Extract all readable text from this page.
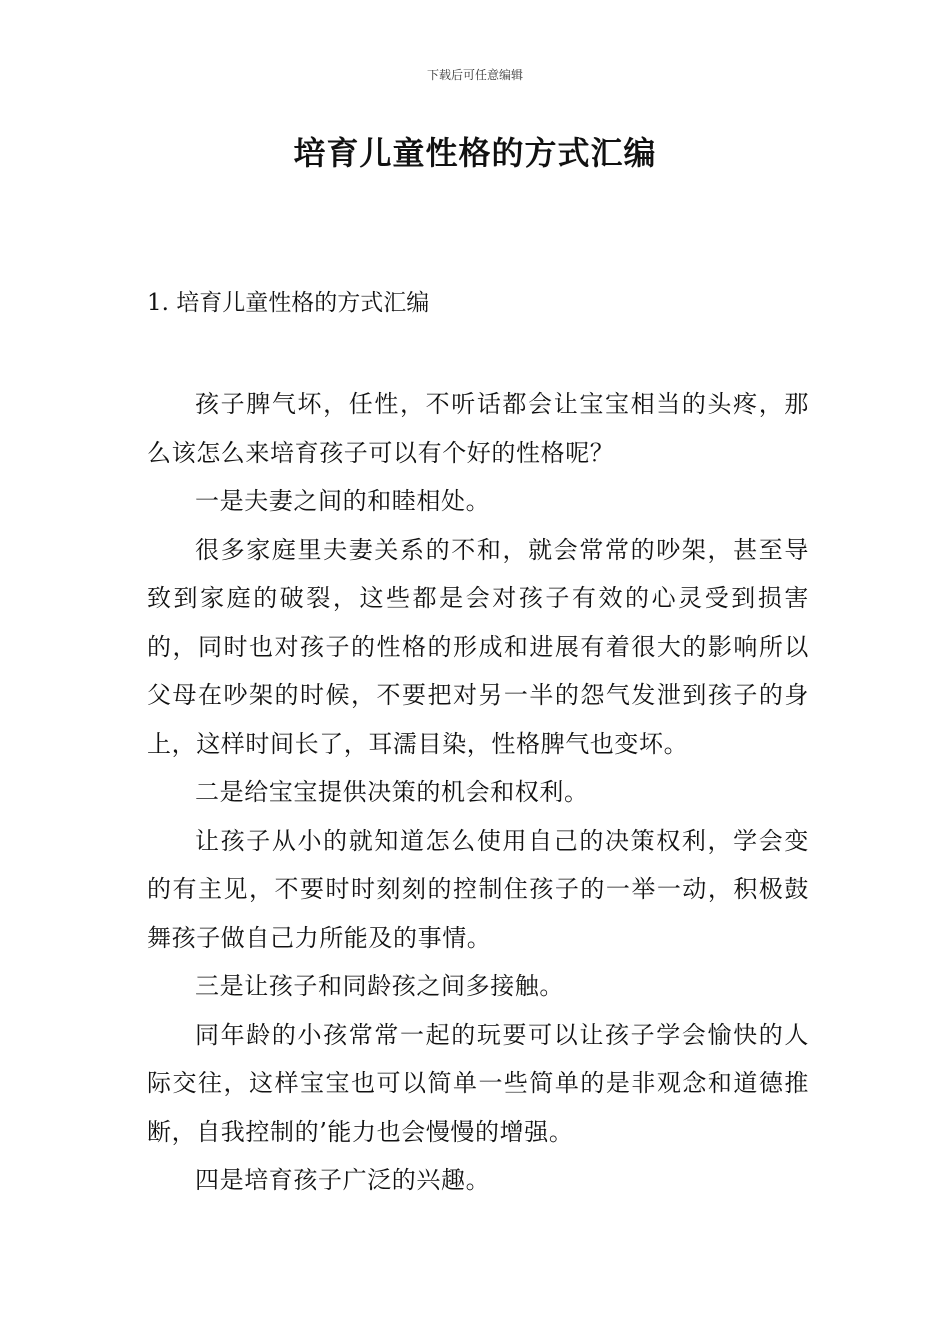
下载后可任意编辑
培育儿童性格的方式汇编
1. 培育儿童性格的方式汇编

孩子脾气坏，任性，不听话都会让宝宝相当的头疼，那么该怎么来培育孩子可以有个好的性格呢？

一是夫妻之间的和睦相处。

很多家庭里夫妻关系的不和，就会常常的吵架，甚至导致到家庭的破裂，这些都是会对孩子有效的心灵受到损害的，同时也对孩子的性格的形成和进展有着很大的影响所以父母在吵架的时候，不要把对另一半的怨气发泄到孩子的身上，这样时间长了，耳濡目染，性格脾气也变坏。

二是给宝宝提供决策的机会和权利。

让孩子从小的就知道怎么使用自己的决策权利，学会变的有主见，不要时时刻刻的控制住孩子的一举一动，积极鼓舞孩子做自己力所能及的事情。

三是让孩子和同龄孩之间多接触。

同年龄的小孩常常一起的玩要可以让孩子学会愉快的人际交往，这样宝宝也可以简单一些简单的是非观念和道德推断，自我控制的’能力也会慢慢的增强。

四是培育孩子广泛的兴趣。
